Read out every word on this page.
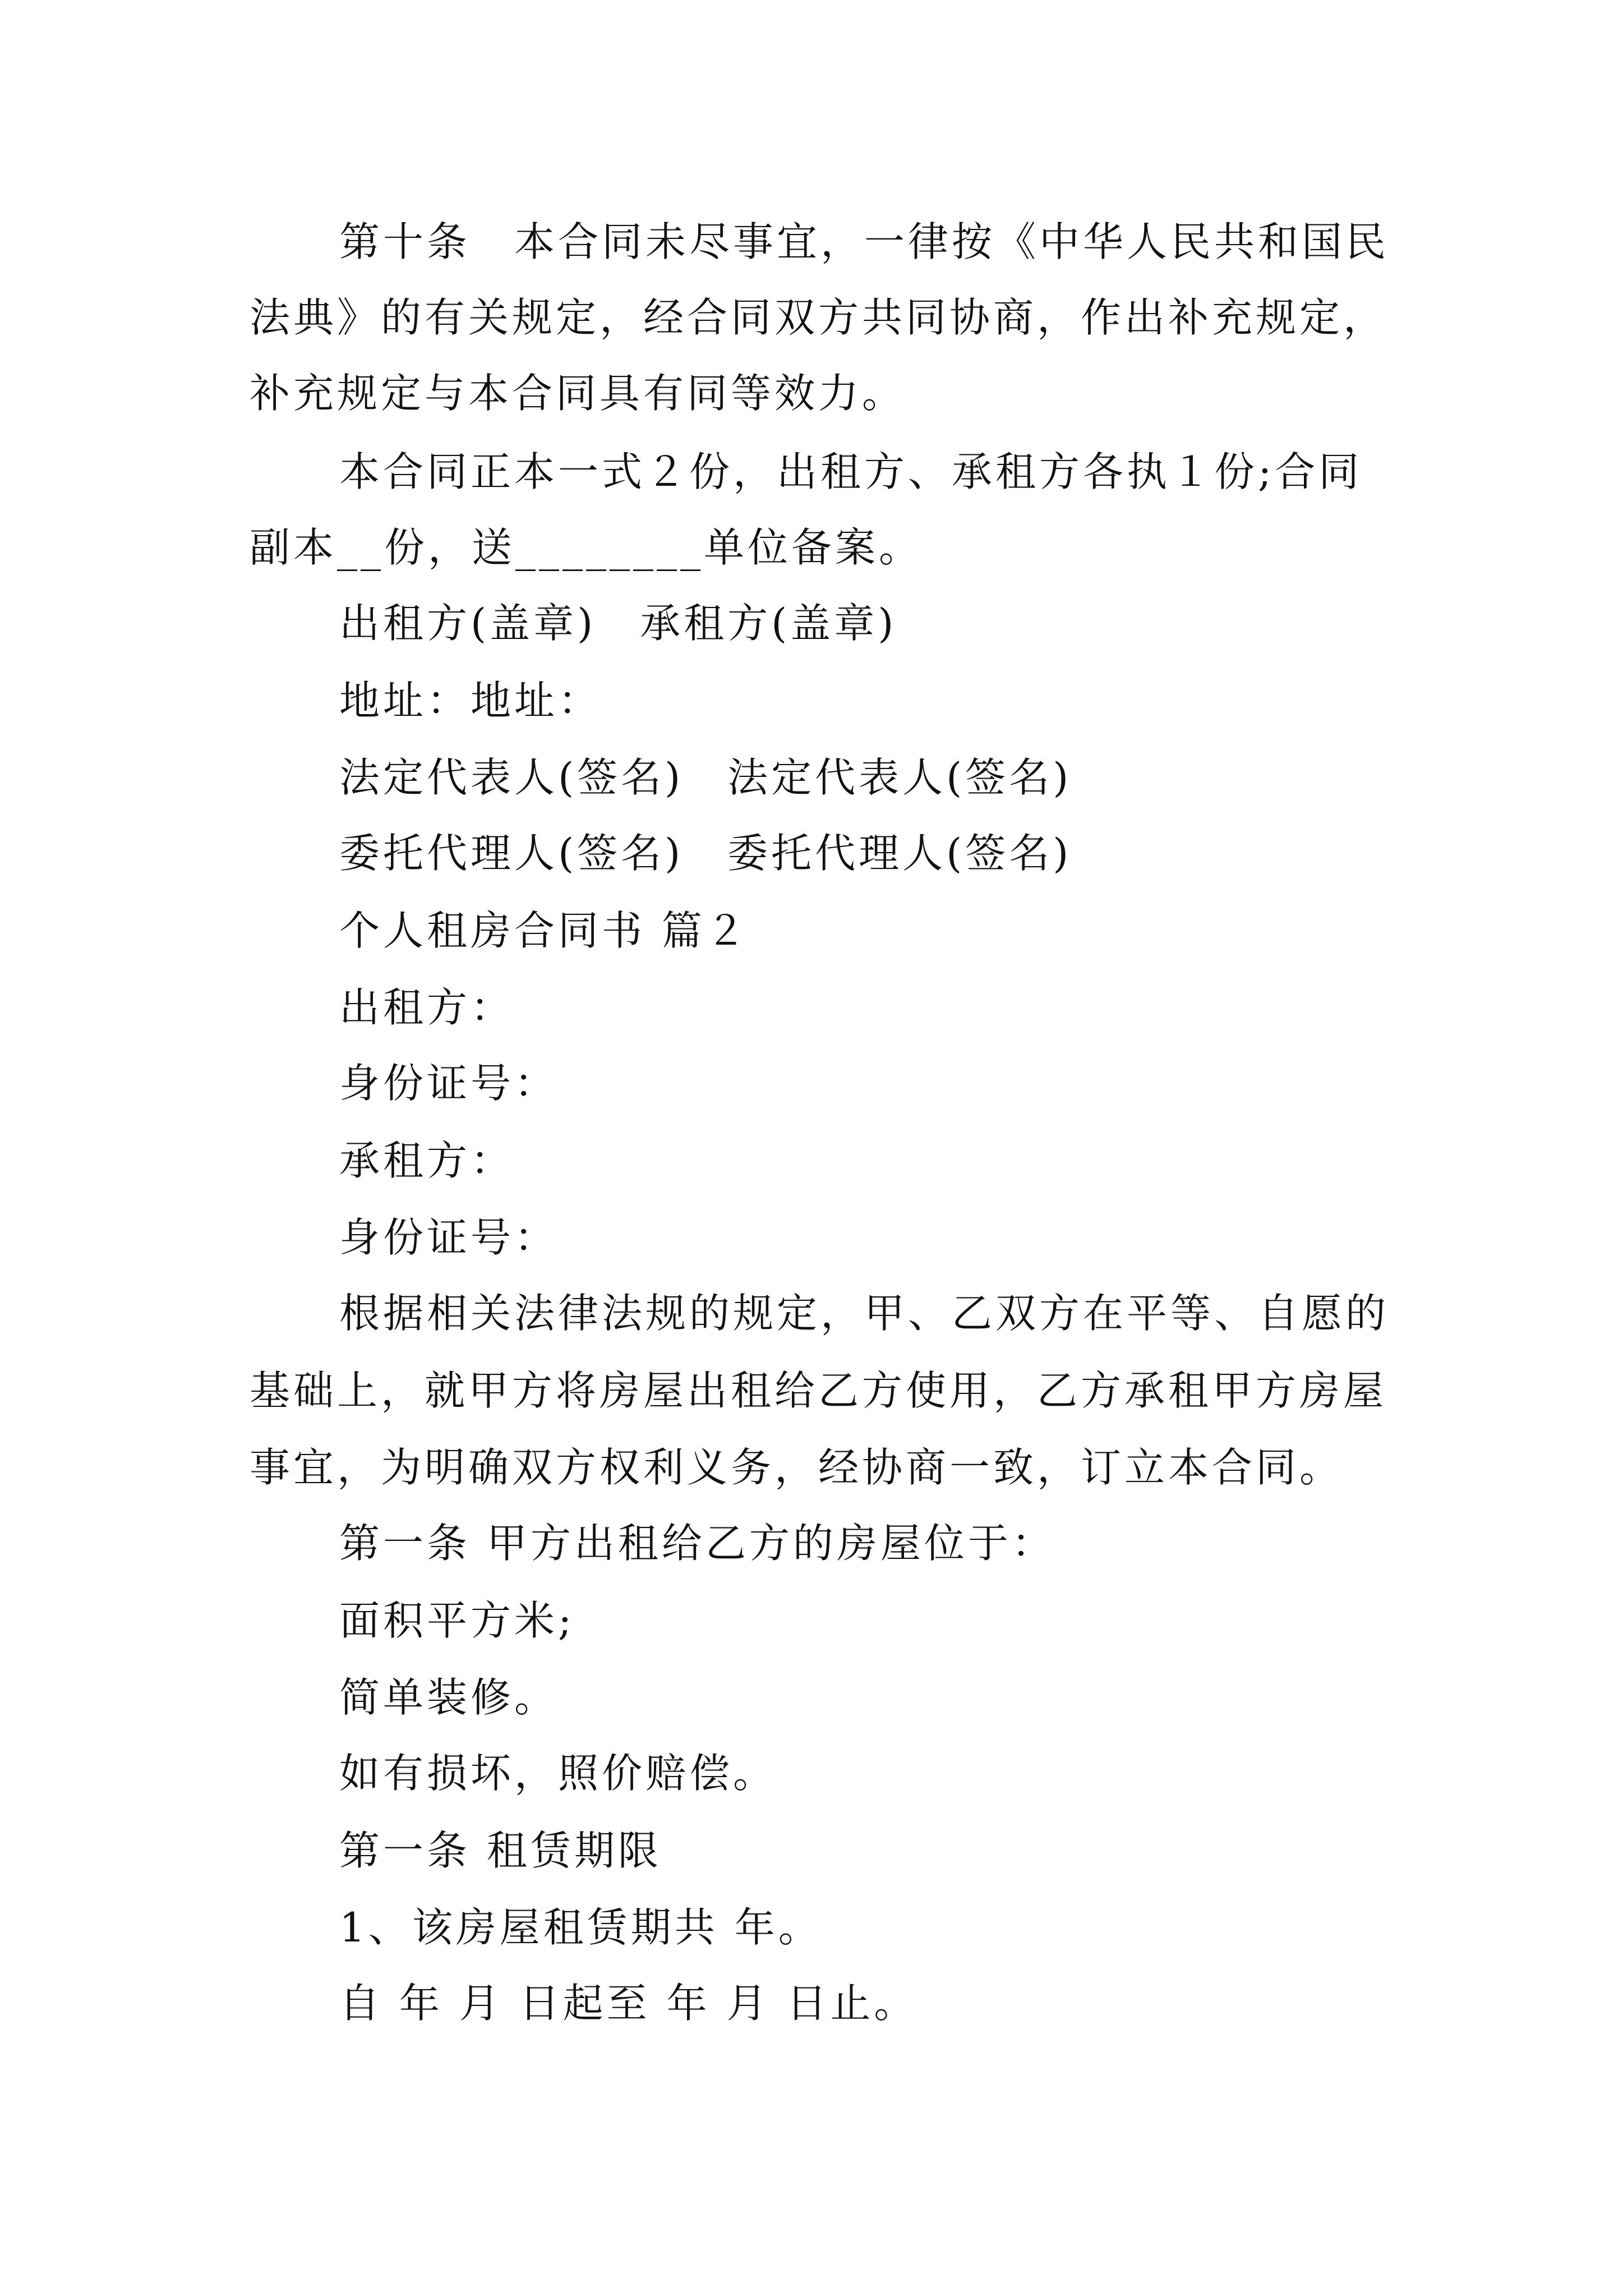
第十条　本合同未尽事宜，一律按《中华人民共和国民

法典》的有关规定，经合同双方共同协商，作出补充规定，

补充规定与本合同具有同等效力。

本合同正本一式２份，出租方、承租方各执１份;合同

副本__份，送________单位备案。

出租方(盖章)　承租方(盖章)

地址：地址：

法定代表人(签名)　法定代表人(签名)

委托代理人(签名)　委托代理人(签名)

个人租房合同书 篇２

出租方：

身份证号：

承租方：

身份证号：

根据相关法律法规的规定，甲、乙双方在平等、自愿的

基础上，就甲方将房屋出租给乙方使用，乙方承租甲方房屋

事宜，为明确双方权利义务，经协商一致，订立本合同。

第一条 甲方出租给乙方的房屋位于：

面积平方米;

简单装修。

如有损坏，照价赔偿。

第一条 租赁期限

1、该房屋租赁期共 年。

自 年 月 日起至 年 月 日止。
